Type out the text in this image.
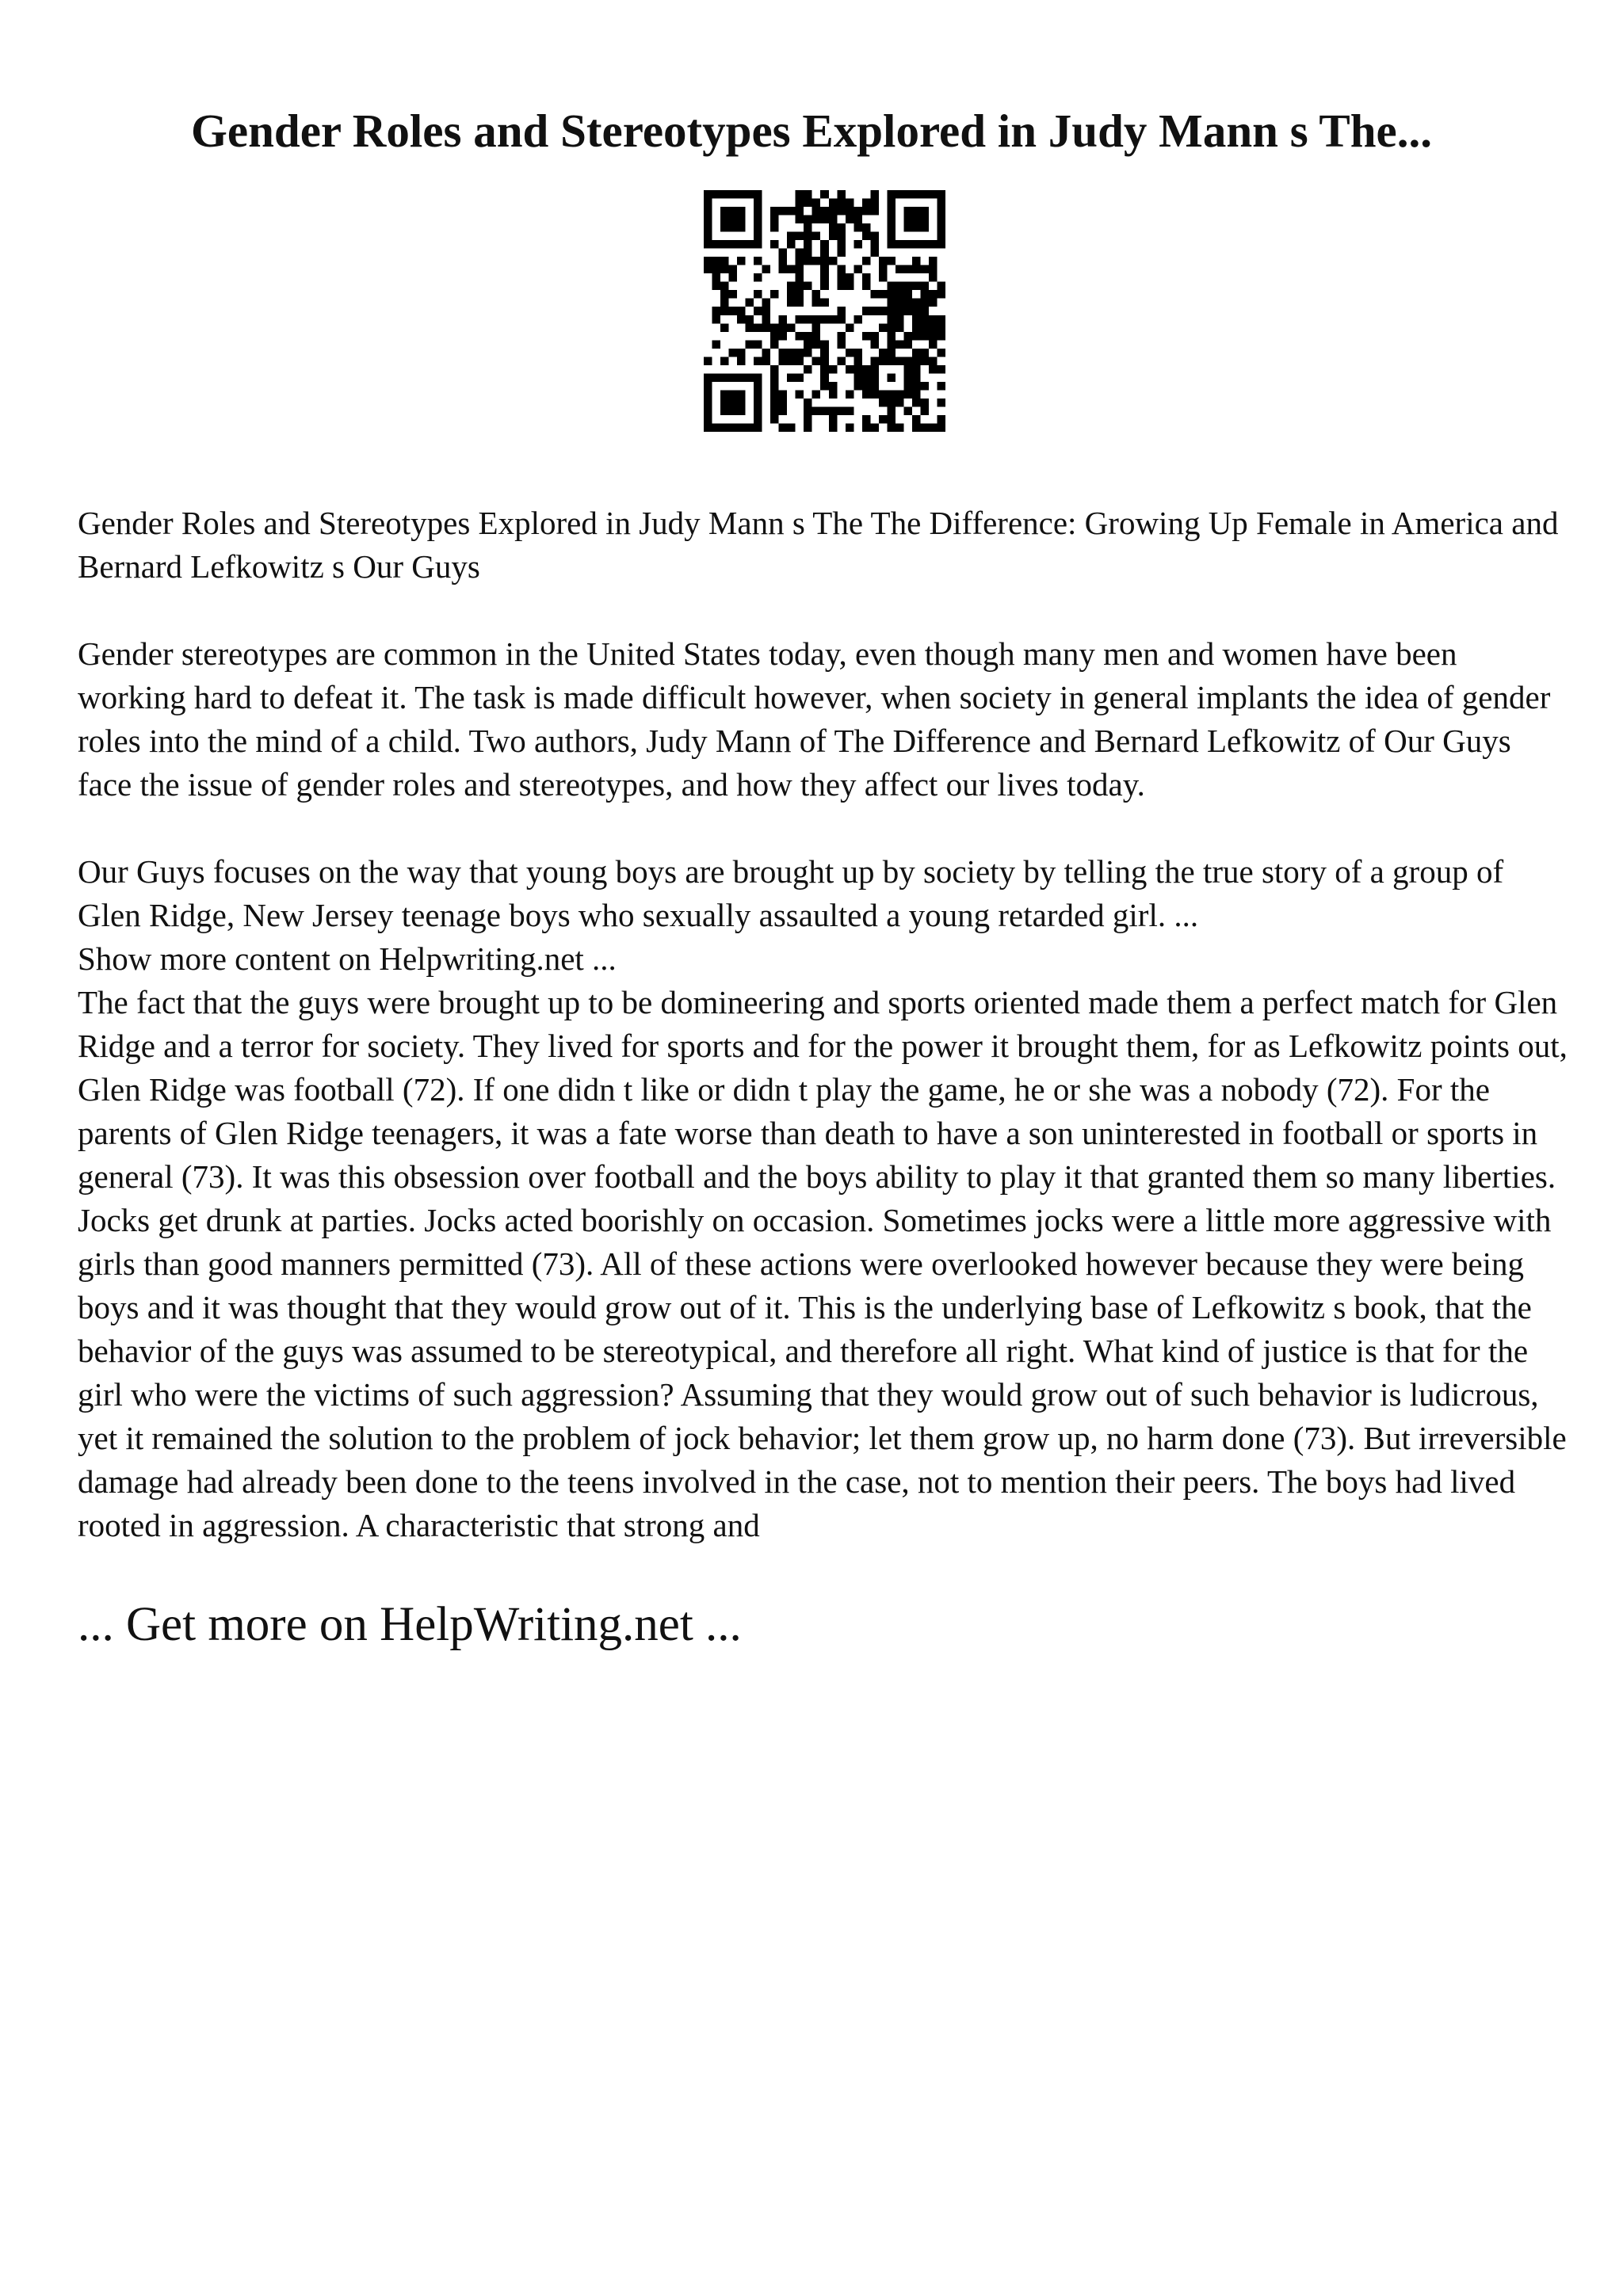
Gender Roles and Stereotypes Explored in Judy Mann s The...

Gender Roles and Stereotypes Explored in Judy Mann s The The Difference: Growing Up Female in America and Bernard Lefkowitz s Our Guys

Gender stereotypes are common in the United States today, even though many men and women have been working hard to defeat it. The task is made difficult however, when society in general implants the idea of gender roles into the mind of a child. Two authors, Judy Mann of The Difference and Bernard Lefkowitz of Our Guys face the issue of gender roles and stereotypes, and how they affect our lives today.

Our Guys focuses on the way that young boys are brought up by society by telling the true story of a group of Glen Ridge, New Jersey teenage boys who sexually assaulted a young retarded girl. ...

Show more content on Helpwriting.net ...

The fact that the guys were brought up to be domineering and sports oriented made them a perfect match for Glen Ridge and a terror for society. They lived for sports and for the power it brought them, for as Lefkowitz points out, Glen Ridge was football (72). If one didn t like or didn t play the game, he or she was a nobody (72). For the parents of Glen Ridge teenagers, it was a fate worse than death to have a son uninterested in football or sports in general (73). It was this obsession over football and the boys ability to play it that granted them so many liberties. Jocks get drunk at parties. Jocks acted boorishly on occasion. Sometimes jocks were a little more aggressive with girls than good manners permitted (73). All of these actions were overlooked however because they were being boys and it was thought that they would grow out of it. This is the underlying base of Lefkowitz s book, that the behavior of the guys was assumed to be stereotypical, and therefore all right. What kind of justice is that for the girl who were the victims of such aggression? Assuming that they would grow out of such behavior is ludicrous, yet it remained the solution to the problem of jock behavior; let them grow up, no harm done (73). But irreversible damage had already been done to the teens involved in the case, not to mention their peers. The boys had lived rooted in aggression. A characteristic that strong and

... Get more on HelpWriting.net ...
